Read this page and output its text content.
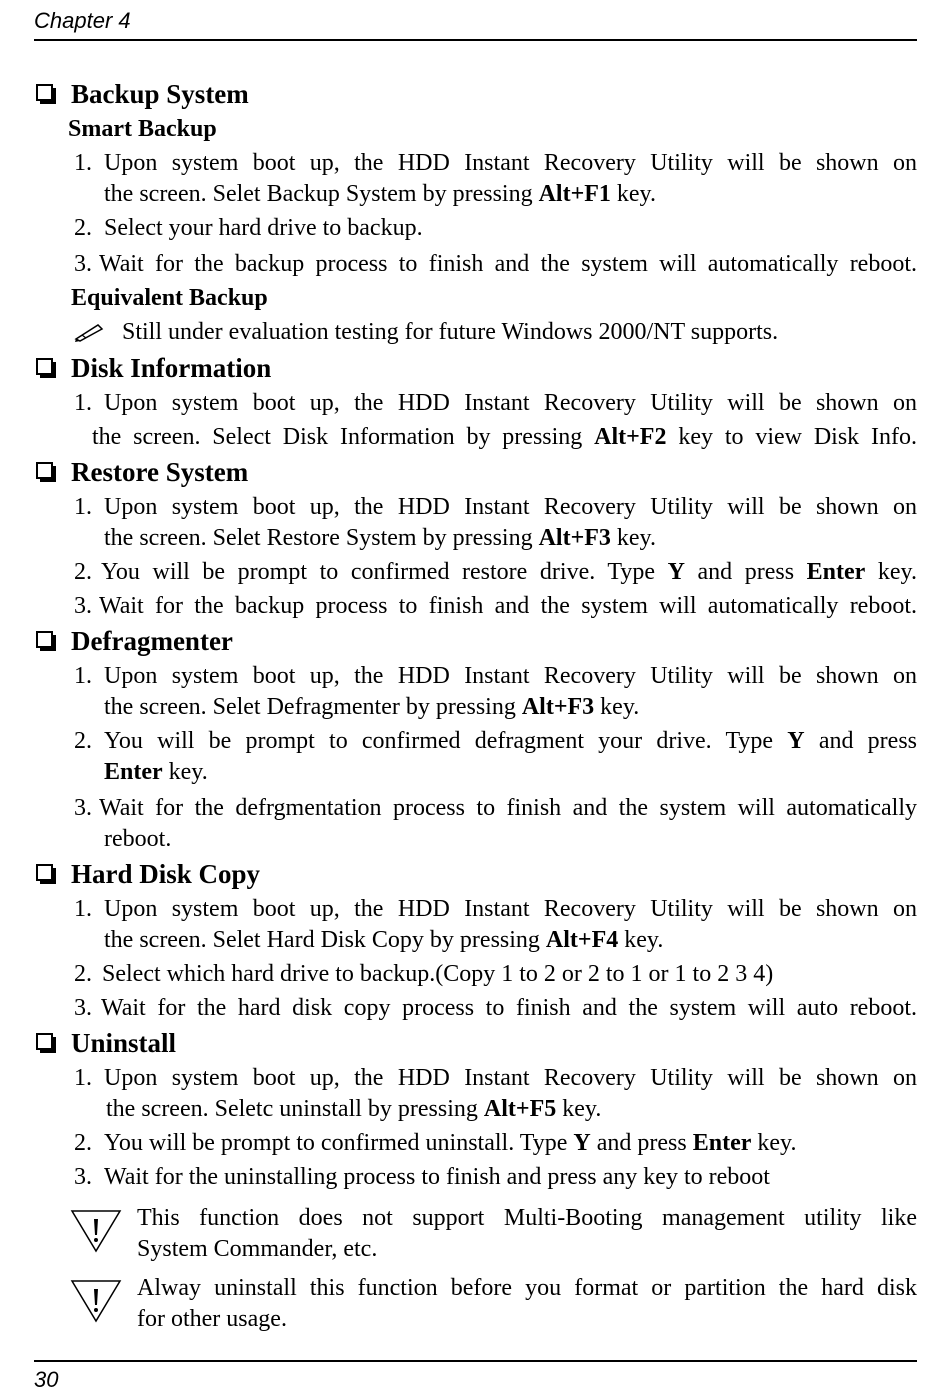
Chapter 4
Backup System
Smart Backup
1. Upon system boot up, the HDD Instant Recovery Utility will be shown on
the screen. Selet Backup System by pressing Alt+F1 key.
2. Select your hard drive to backup.
3. Wait for the backup process to finish and the system will automatically reboot.
Equivalent Backup
Still under evaluation testing for future Windows 2000/NT supports.
Disk Information
1. Upon system boot up, the HDD Instant Recovery Utility will be shown on
the screen. Select Disk Information by pressing Alt+F2 key to view Disk Info.
Restore System
1. Upon system boot up, the HDD Instant Recovery Utility will be shown on
the screen. Selet Restore System by pressing Alt+F3 key.
2. You will be prompt to confirmed restore drive. Type Y and press Enter key.
3. Wait for the backup process to finish and the system will automatically reboot.
Defragmenter
1. Upon system boot up, the HDD Instant Recovery Utility will be shown on
the screen. Selet Defragmenter by pressing Alt+F3 key.
2. You will be prompt to confirmed defragment your drive. Type Y and press
Enter key.
3. Wait for the defrgmentation process to finish and the system will automatically
reboot.
Hard Disk Copy
1. Upon system boot up, the HDD Instant Recovery Utility will be shown on
the screen. Selet Hard Disk Copy by pressing Alt+F4 key.
2. Select which hard drive to backup.(Copy 1 to 2 or 2 to 1 or 1 to 2 3 4)
3. Wait for the hard disk copy process to finish and the system will auto reboot.
Uninstall
1. Upon system boot up, the HDD Instant Recovery Utility will be shown on
the screen. Seletc uninstall by pressing Alt+F5 key.
2. You will be prompt to confirmed uninstall. Type Y and press Enter key.
3. Wait for the uninstalling process to finish and press any key to reboot
This function does not support Multi-Booting management utility like
System Commander, etc.
Alway uninstall this function before you format or partition the hard disk
for other usage.
30
